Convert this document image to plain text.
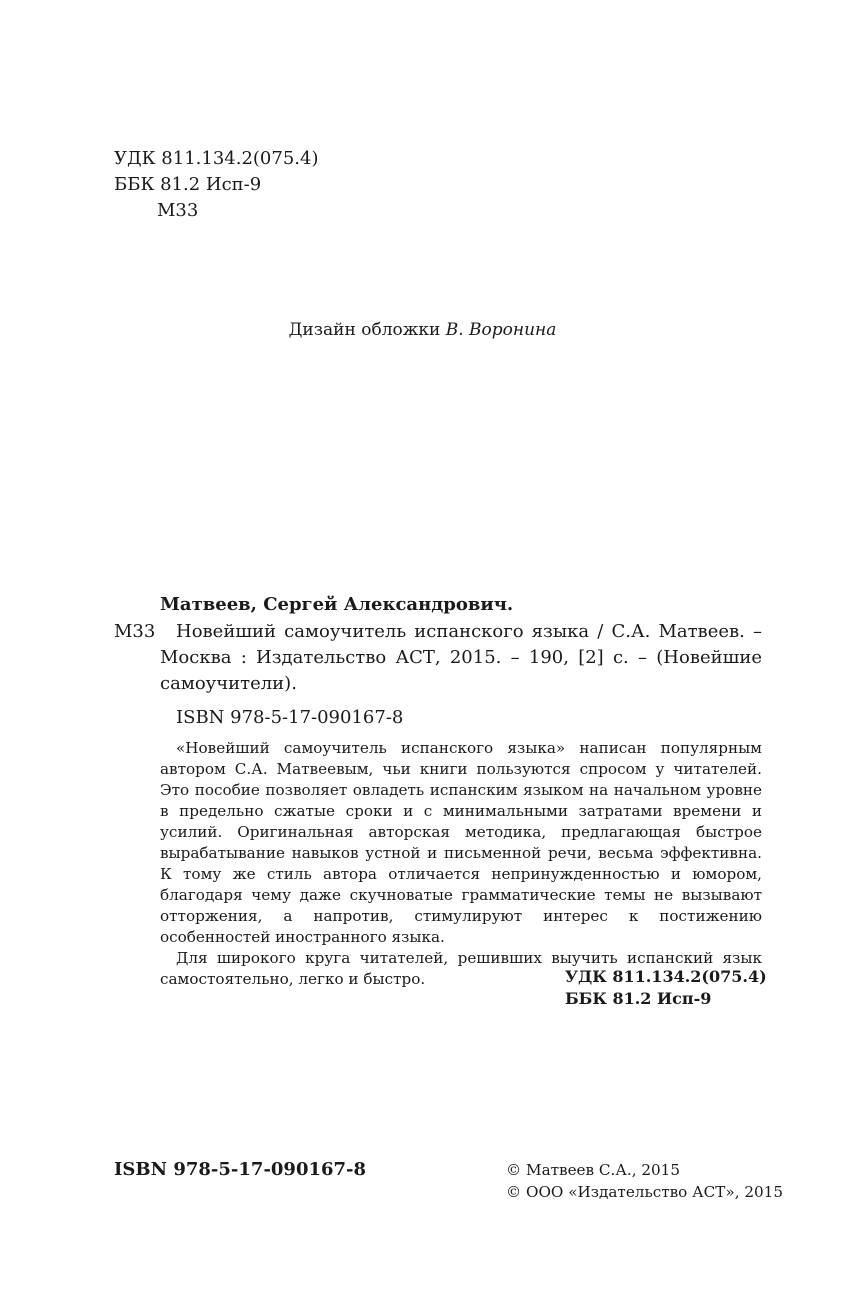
УДК 811.134.2(075.4)
ББК 81.2 Исп-9
М33
Дизайн обложки В. Воронина
Матвеев, Сергей Александрович.
М33	Новейший самоучитель испанского языка / С.А. Матвеев. – Москва : Издательство АСТ, 2015. – 190, [2] с. – (Новейшие самоучители).

ISBN 978-5-17-090167-8

«Новейший самоучитель испанского языка» написан популярным автором С.А. Матвеевым, чьи книги пользуются спросом у читателей. Это пособие позволяет овладеть испанским языком на начальном уровне в предельно сжатые сроки и с минимальными затратами времени и усилий. Оригинальная авторская методика, предлагающая быстрое вырабатывание навыков устной и письменной речи, весьма эффективна. К тому же стиль автора отличается непринужденностью и юмором, благодаря чему даже скучноватые грамматические темы не вызывают отторжения, а напротив, стимулируют интерес к постижению особенностей иностранного языка.

Для широкого круга читателей, решивших выучить испанский язык самостоятельно, легко и быстро.	УДК 811.134.2(075.4)
ББК 81.2 Исп-9
ISBN 978-5-17-090167-8	© Матвеев С.А., 2015
© ООО «Издательство АСТ», 2015
